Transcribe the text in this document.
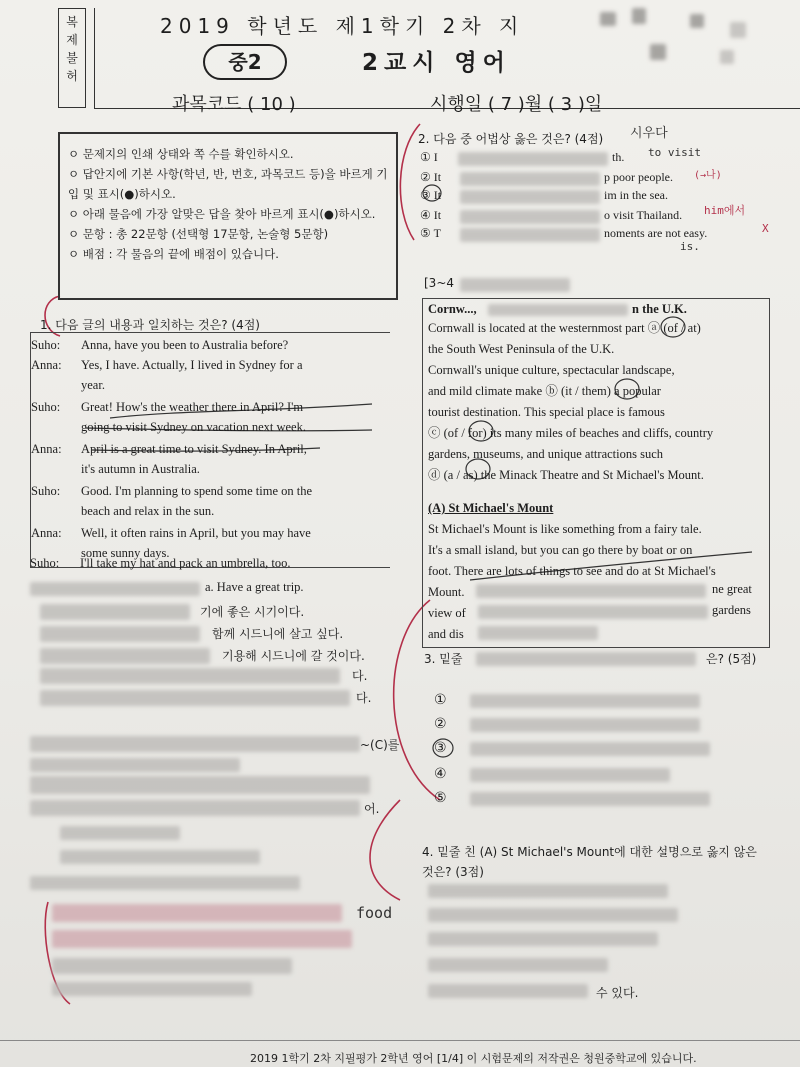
복
제
불
허
2019 학년도 제1학기 2차 지
중2	2교시 영어
과목코드 ( 10 )	시행일 ( 7 )월 ( 3 )일

ㅇ 문제지의 인쇄 상태와 쪽 수를 확인하시오.

ㅇ 답안지에 기본 사항(학년, 반, 번호, 과목코드 등)을 바르게 기입 및 표시(●)하시오.

ㅇ 아래 물음에 가장 알맞은 답을 찾아 바르게 표시(●)하시오.

ㅇ 문항 : 총 22문항 (선택형 17문항, 논술형 5문항)

ㅇ 배점 : 각 물음의 끝에 배점이 있습니다.

1. 다음 글의 내용과 일치하는 것은? (4점)
Suho: Anna, have you been to Australia before?
Anna: Yes, I have. Actually, I lived in Sydney for a
year.
Suho: Great! How's the weather there in April? I'm
going to visit Sydney on vacation next week.
Anna: April is a great time to visit Sydney. In April,
it's autumn in Australia.
Suho: Good. I'm planning to spend some time on the
beach and relax in the sun.
Anna: Well, it often rains in April, but you may have
some sunny days.
Suho: I'll take my hat and pack an umbrella, too.
a. Have a great trip.
기에 좋은 시기이다.
함께 시드니에 살고 싶다.
기용해 시드니에 갈 것이다.
다.
다.
~(C)를
어.
food
2. 다음 중 어법상 옳은 것은? (4점) 시우다
① I	th. to visit
② It	p poor people. (→나)
③ It	im in the sea.
④ It	o visit Thailand. him에서
⑤ T	noments are not easy.	X
is.
[3~4
Cornw...,	n the U.K.
Cornwall is located at the westernmost part ⓐ (of / at)
the South West Peninsula of the U.K.
Cornwall's unique culture, spectacular landscape,
and mild climate make ⓑ (it / them) a popular
tourist destination. This special place is famous
ⓒ (of / for) its many miles of beaches and cliffs, country
gardens, museums, and unique attractions such
ⓓ (a / as) the Minack Theatre and St Michael's Mount.
(A) St Michael's Mount
St Michael's Mount is like something from a fairy tale.
It's a small island, but you can go there by boat or on
foot. There are lots of things to see and do at St Michael's
Mount.	ne great
view of	gardens
and dis
3. 밑줄	은? (5점)
①
②
③
④
⑤
4. 밑줄 친 (A) St Michael's Mount에 대한 설명으로 옳지 않은
것은? (3점)
수 있다.
2019 1학기 2차 지필평가 2학년 영어 [1/4] 이 시험문제의 저작권은 청원중학교에 있습니다.
